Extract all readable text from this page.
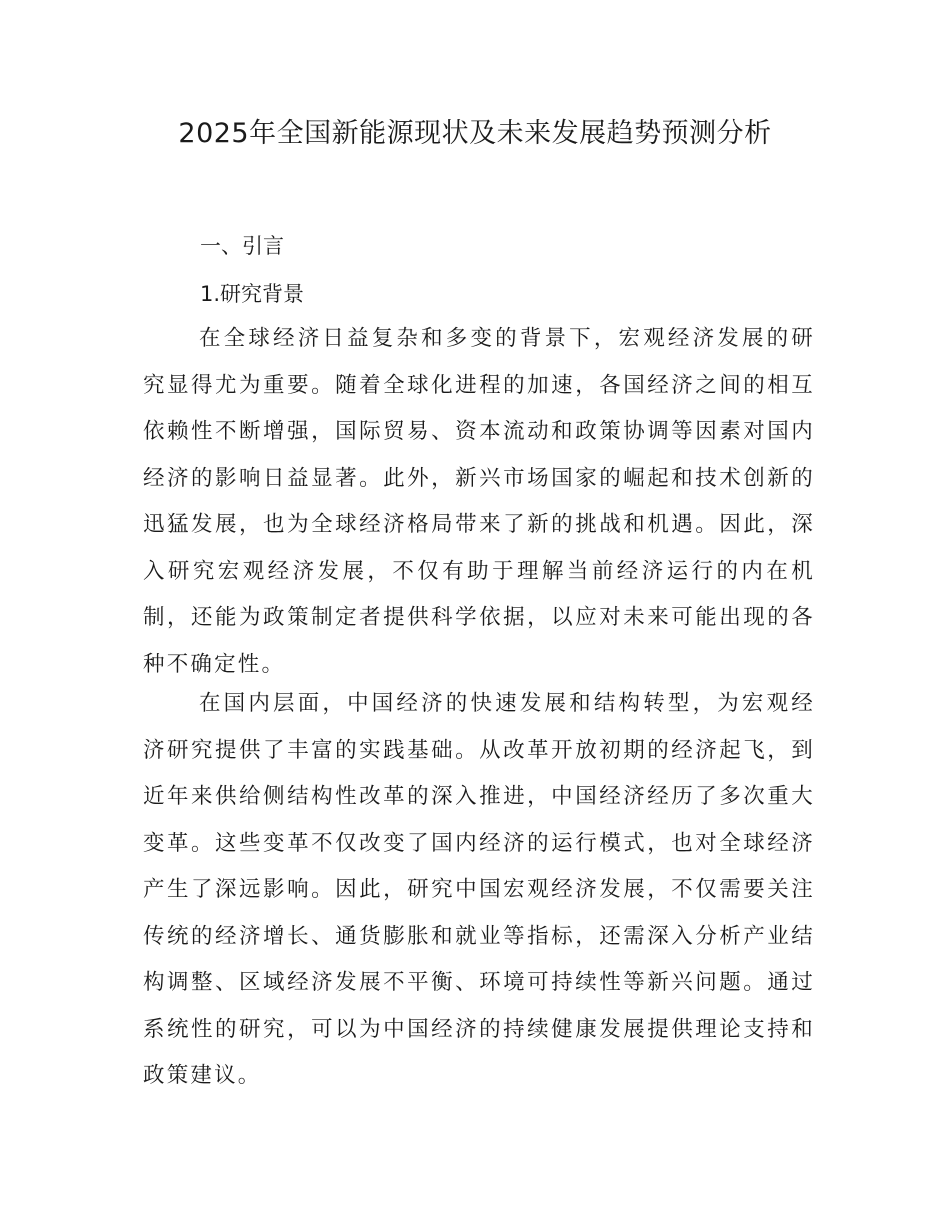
2025年全国新能源现状及未来发展趋势预测分析
一、引言
1.研究背景

在全球经济日益复杂和多变的背景下，宏观经济发展的研究显得尤为重要。随着全球化进程的加速，各国经济之间的相互依赖性不断增强，国际贸易、资本流动和政策协调等因素对国内经济的影响日益显著。此外，新兴市场国家的崛起和技术创新的迅猛发展，也为全球经济格局带来了新的挑战和机遇。因此，深入研究宏观经济发展，不仅有助于理解当前经济运行的内在机制，还能为政策制定者提供科学依据，以应对未来可能出现的各种不确定性。

在国内层面，中国经济的快速发展和结构转型，为宏观经济研究提供了丰富的实践基础。从改革开放初期的经济起飞，到近年来供给侧结构性改革的深入推进，中国经济经历了多次重大变革。这些变革不仅改变了国内经济的运行模式，也对全球经济产生了深远影响。因此，研究中国宏观经济发展，不仅需要关注传统的经济增长、通货膨胀和就业等指标，还需深入分析产业结构调整、区域经济发展不平衡、环境可持续性等新兴问题。通过系统性的研究，可以为中国经济的持续健康发展提供理论支持和政策建议。
